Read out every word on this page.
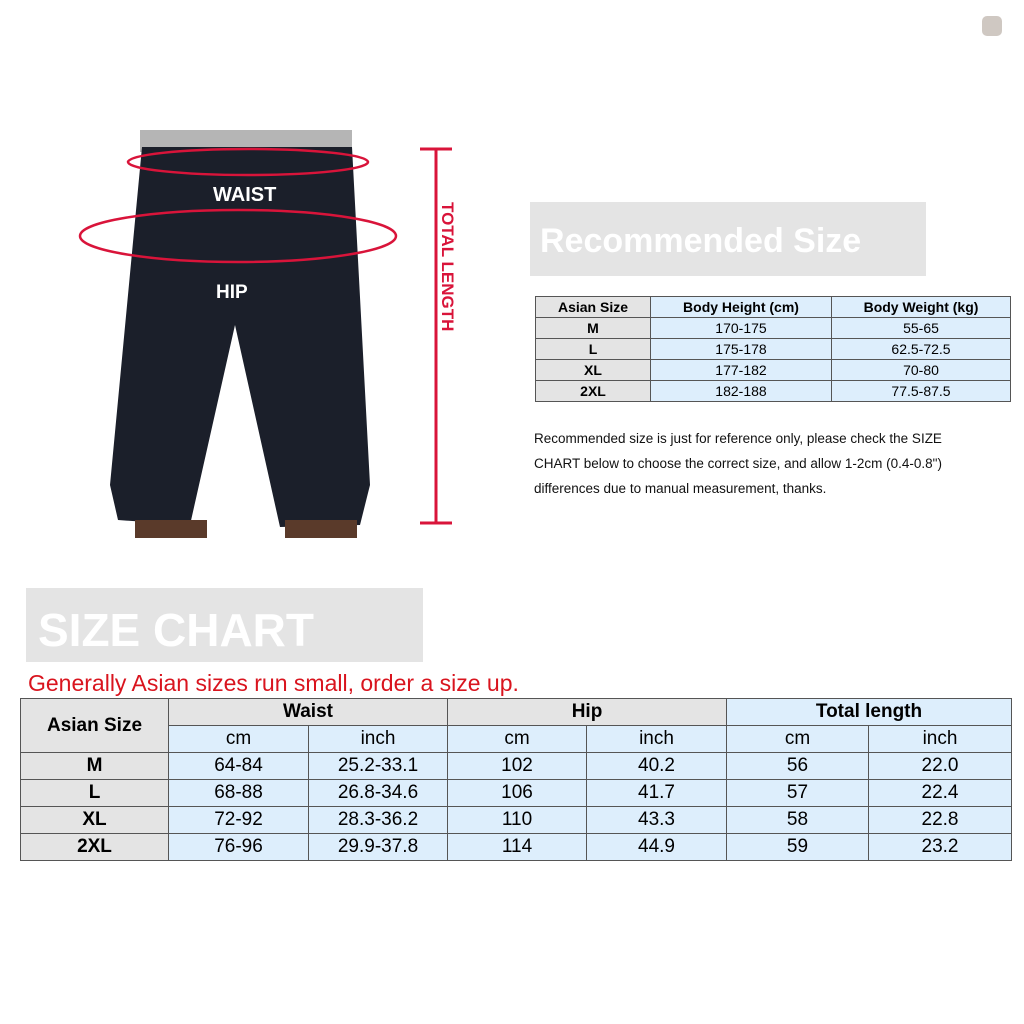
WAIST
HIP	TOTAL LENGTH Recommended Size
Asian Size	Body Height (cm)	Body Weight (kg)
M	170-175	55-65
L	175-178	62.5-72.5
XL	177-182	70-80
2XL	182-188	77.5-87.5
Recommended size is just for reference only, please check the SIZE CHART below to choose the correct size, and allow 1-2cm (0.4-0.8") differences due to manual measurement, thanks.
SIZE CHART
Generally Asian sizes run small, order a size up.
Asian Size	Waist		Hip		Total length	
	cm	inch	cm	inch	cm	inch
M	64-84	25.2-33.1	102	40.2	56	22.0
L	68-88	26.8-34.6	106	41.7	57	22.4
XL	72-92	28.3-36.2	110	43.3	58	22.8
2XL	76-96	29.9-37.8	114	44.9	59	23.2
